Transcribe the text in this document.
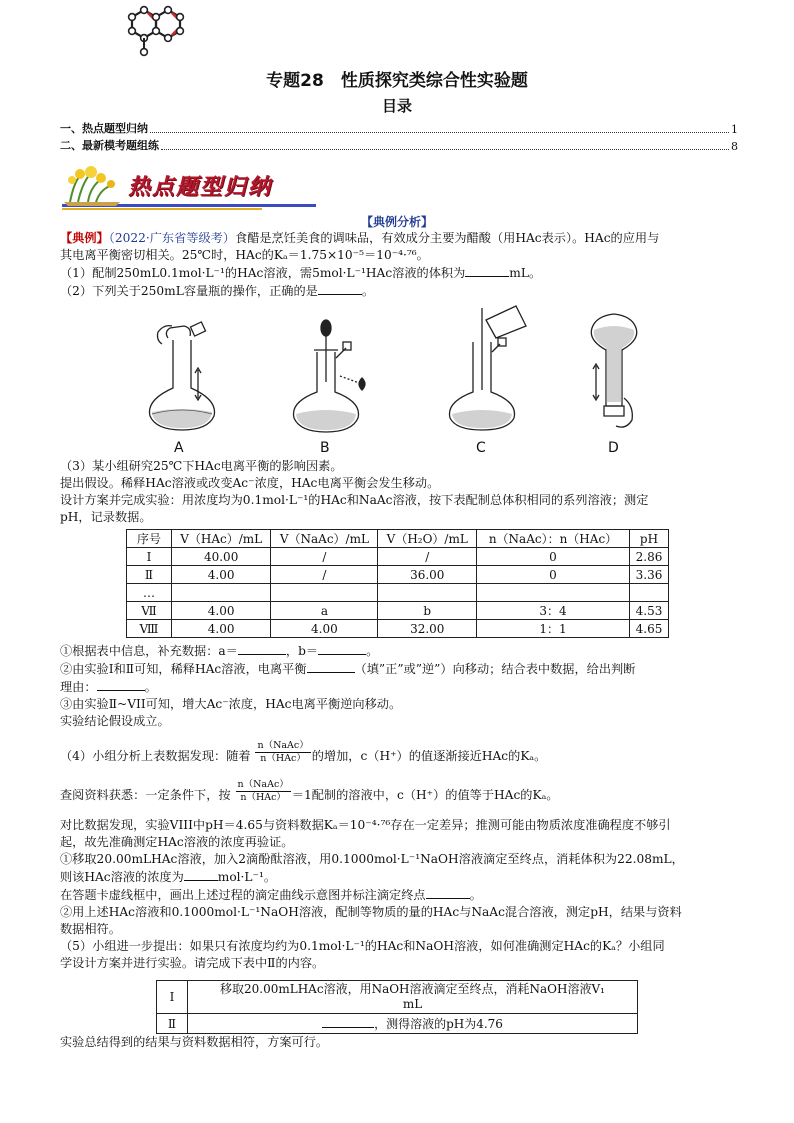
专题28　性质探究类综合性实验题
目录
一、热点题型归纳	1
二、最新模考题组练	8
热点题型归纳
【典例分析】
【典例】（2022·广东省等级考）食醋是烹饪美食的调味品，有效成分主要为醋酸（用HAc表示）。HAc的应用与
其电离平衡密切相关。25℃时，HAc的Kₐ＝1.75×10⁻⁵＝10⁻⁴·⁷⁶。
（1）配制250mL0.1mol·L⁻¹的HAc溶液，需5mol·L⁻¹HAc溶液的体积为	mL。
（2）下列关于250mL容量瓶的操作，正确的是	。
A	B	C	D
（3）某小组研究25℃下HAc电离平衡的影响因素。
提出假设。稀释HAc溶液或改变Ac⁻浓度，HAc电离平衡会发生移动。
设计方案并完成实验：用浓度均为0.1mol·L⁻¹的HAc和NaAc溶液，按下表配制总体积相同的系列溶液；测定
pH，记录数据。
序号	V（HAc）/mL	V（NaAc）/mL	V（H₂O）/mL	n（NaAc）：n（HAc）	pH
Ⅰ	40.00	/	/	0	2.86
Ⅱ	4.00	/	36.00	0	3.36
…					
Ⅶ	4.00	a	b	3：4	4.53
Ⅷ	4.00	4.00	32.00	1：1	4.65
①根据表中信息，补充数据：a＝	，b＝	。
②由实验Ⅰ和Ⅱ可知，稀释HAc溶液，电离平衡	（填”正”或”逆”）向移动；结合表中数据，给出判断
理由：	。
③由实验Ⅱ~VII可知，增大Ac⁻浓度，HAc电离平衡逆向移动。
实验结论假设成立。
（4）小组分析上表数据发现：随着
n（NaAc）
n（HAc） 的增加，c（H⁺）的值逐渐接近HAc的Kₐ。
查阅资料获悉：一定条件下，按
n（NaAc）
n（HAc） ＝1配制的溶液中，c（H⁺）的值等于HAc的Kₐ。
对比数据发现，实验VIII中pH＝4.65与资料数据Kₐ＝10⁻⁴·⁷⁶存在一定差异；推测可能由物质浓度准确程度不够引
起，故先准确测定HAc溶液的浓度再验证。
①移取20.00mLHAc溶液，加入2滴酚酞溶液，用0.1000mol·L⁻¹NaOH溶液滴定至终点，消耗体积为22.08mL，
则该HAc溶液的浓度为	mol·L⁻¹。
在答题卡虚线框中，画出上述过程的滴定曲线示意图并标注滴定终点	。
②用上述HAc溶液和0.1000mol·L⁻¹NaOH溶液，配制等物质的量的HAc与NaAc混合溶液，测定pH，结果与资料
数据相符。
（5）小组进一步提出：如果只有浓度均约为0.1mol·L⁻¹的HAc和NaOH溶液，如何准确测定HAc的Kₐ？小组同
学设计方案并进行实验。请完成下表中Ⅱ的内容。
Ⅰ	移取20.00mLHAc溶液，用NaOH溶液滴定至终点，消耗NaOH溶液V₁
mL
Ⅱ	，测得溶液的pH为4.76
实验总结得到的结果与资料数据相符，方案可行。
